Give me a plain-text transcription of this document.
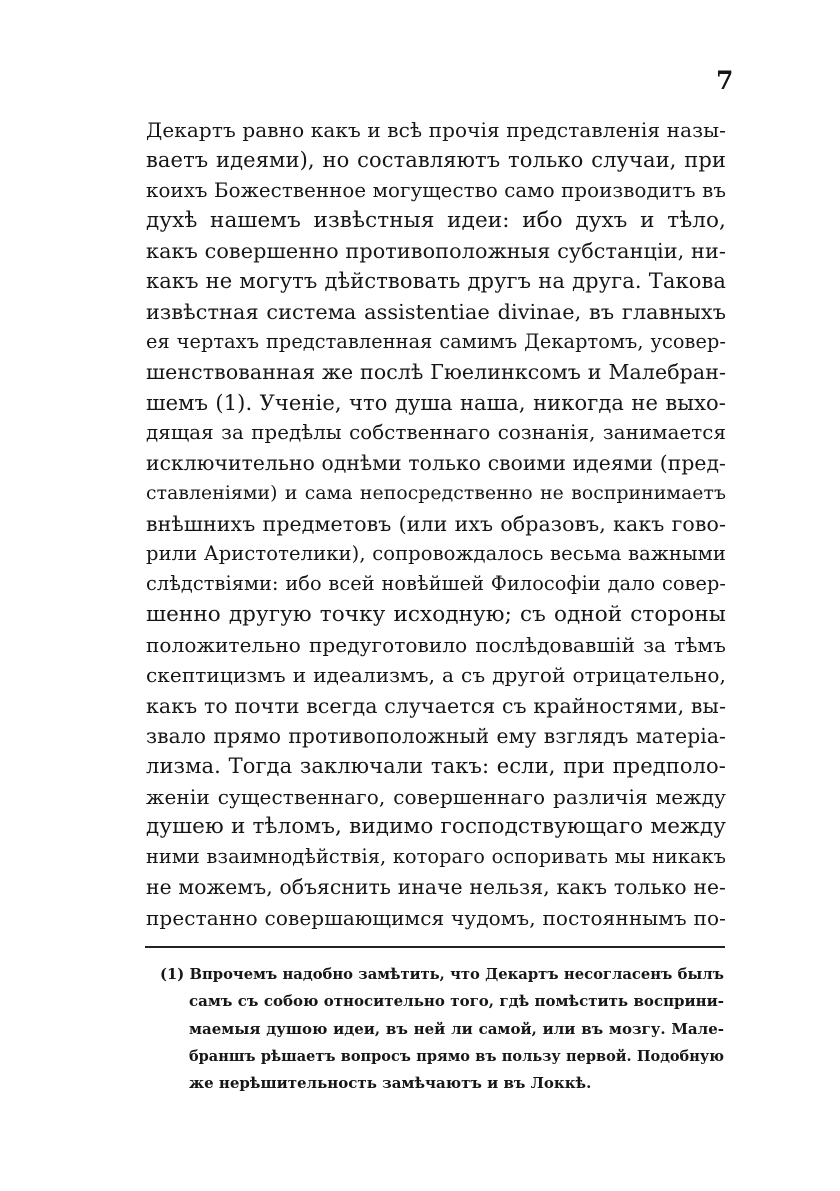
7
Декартъ равно какъ и всѣ прочія представленія назы-
ваетъ идеями), но составляютъ только случаи, при
коихъ Божественное могущество само производитъ въ
духѣ нашемъ извѣстныя идеи: ибо духъ и тѣло,
какъ совершенно противоположныя субстанціи, ни-
какъ не могутъ дѣйствовать другъ на друга. Такова
извѣстная система assistentiae divinae, въ главныхъ
ея чертахъ представленная самимъ Декартомъ, усовер-
шенствованная же послѣ Гюелинксомъ и Малебран-
шемъ (1). Ученіе, что душа наша, никогда не выхо-
дящая за предѣлы собственнаго сознанія, занимается
исключительно однѣми только своими идеями (пред-
ставленіями) и сама непосредственно не воспринимаетъ
внѣшнихъ предметовъ (или ихъ образовъ, какъ гово-
рили Аристотелики), сопровождалось весьма важными
слѣдствіями: ибо всей новѣйшей Философіи дало совер-
шенно другую точку исходную; съ одной стороны
положительно предуготовило послѣдовавшій за тѣмъ
скептицизмъ и идеализмъ, а съ другой отрицательно,
какъ то почти всегда случается съ крайностями, вы-
звало прямо противоположный ему взглядъ матеріа-
лизма. Тогда заключали такъ: если, при предполо-
женіи существеннаго, совершеннаго различія между
душею и тѣломъ, видимо господствующаго между
ними взаимнодѣйствія, котораго оспоривать мы никакъ
не можемъ, объяснить иначе нельзя, какъ только не-
престанно совершающимся чудомъ, постояннымъ по-
(1) Впрочемъ надобно замѣтить, что Декартъ несогласенъ былъ
самъ съ собою относительно того, гдѣ помѣстить восприни-
маемыя душою идеи, въ ней ли самой, или въ мозгу. Мале-
браншъ рѣшаетъ вопросъ прямо въ пользу первой. Подобную
же нерѣшительность замѣчаютъ и въ Локкѣ.
